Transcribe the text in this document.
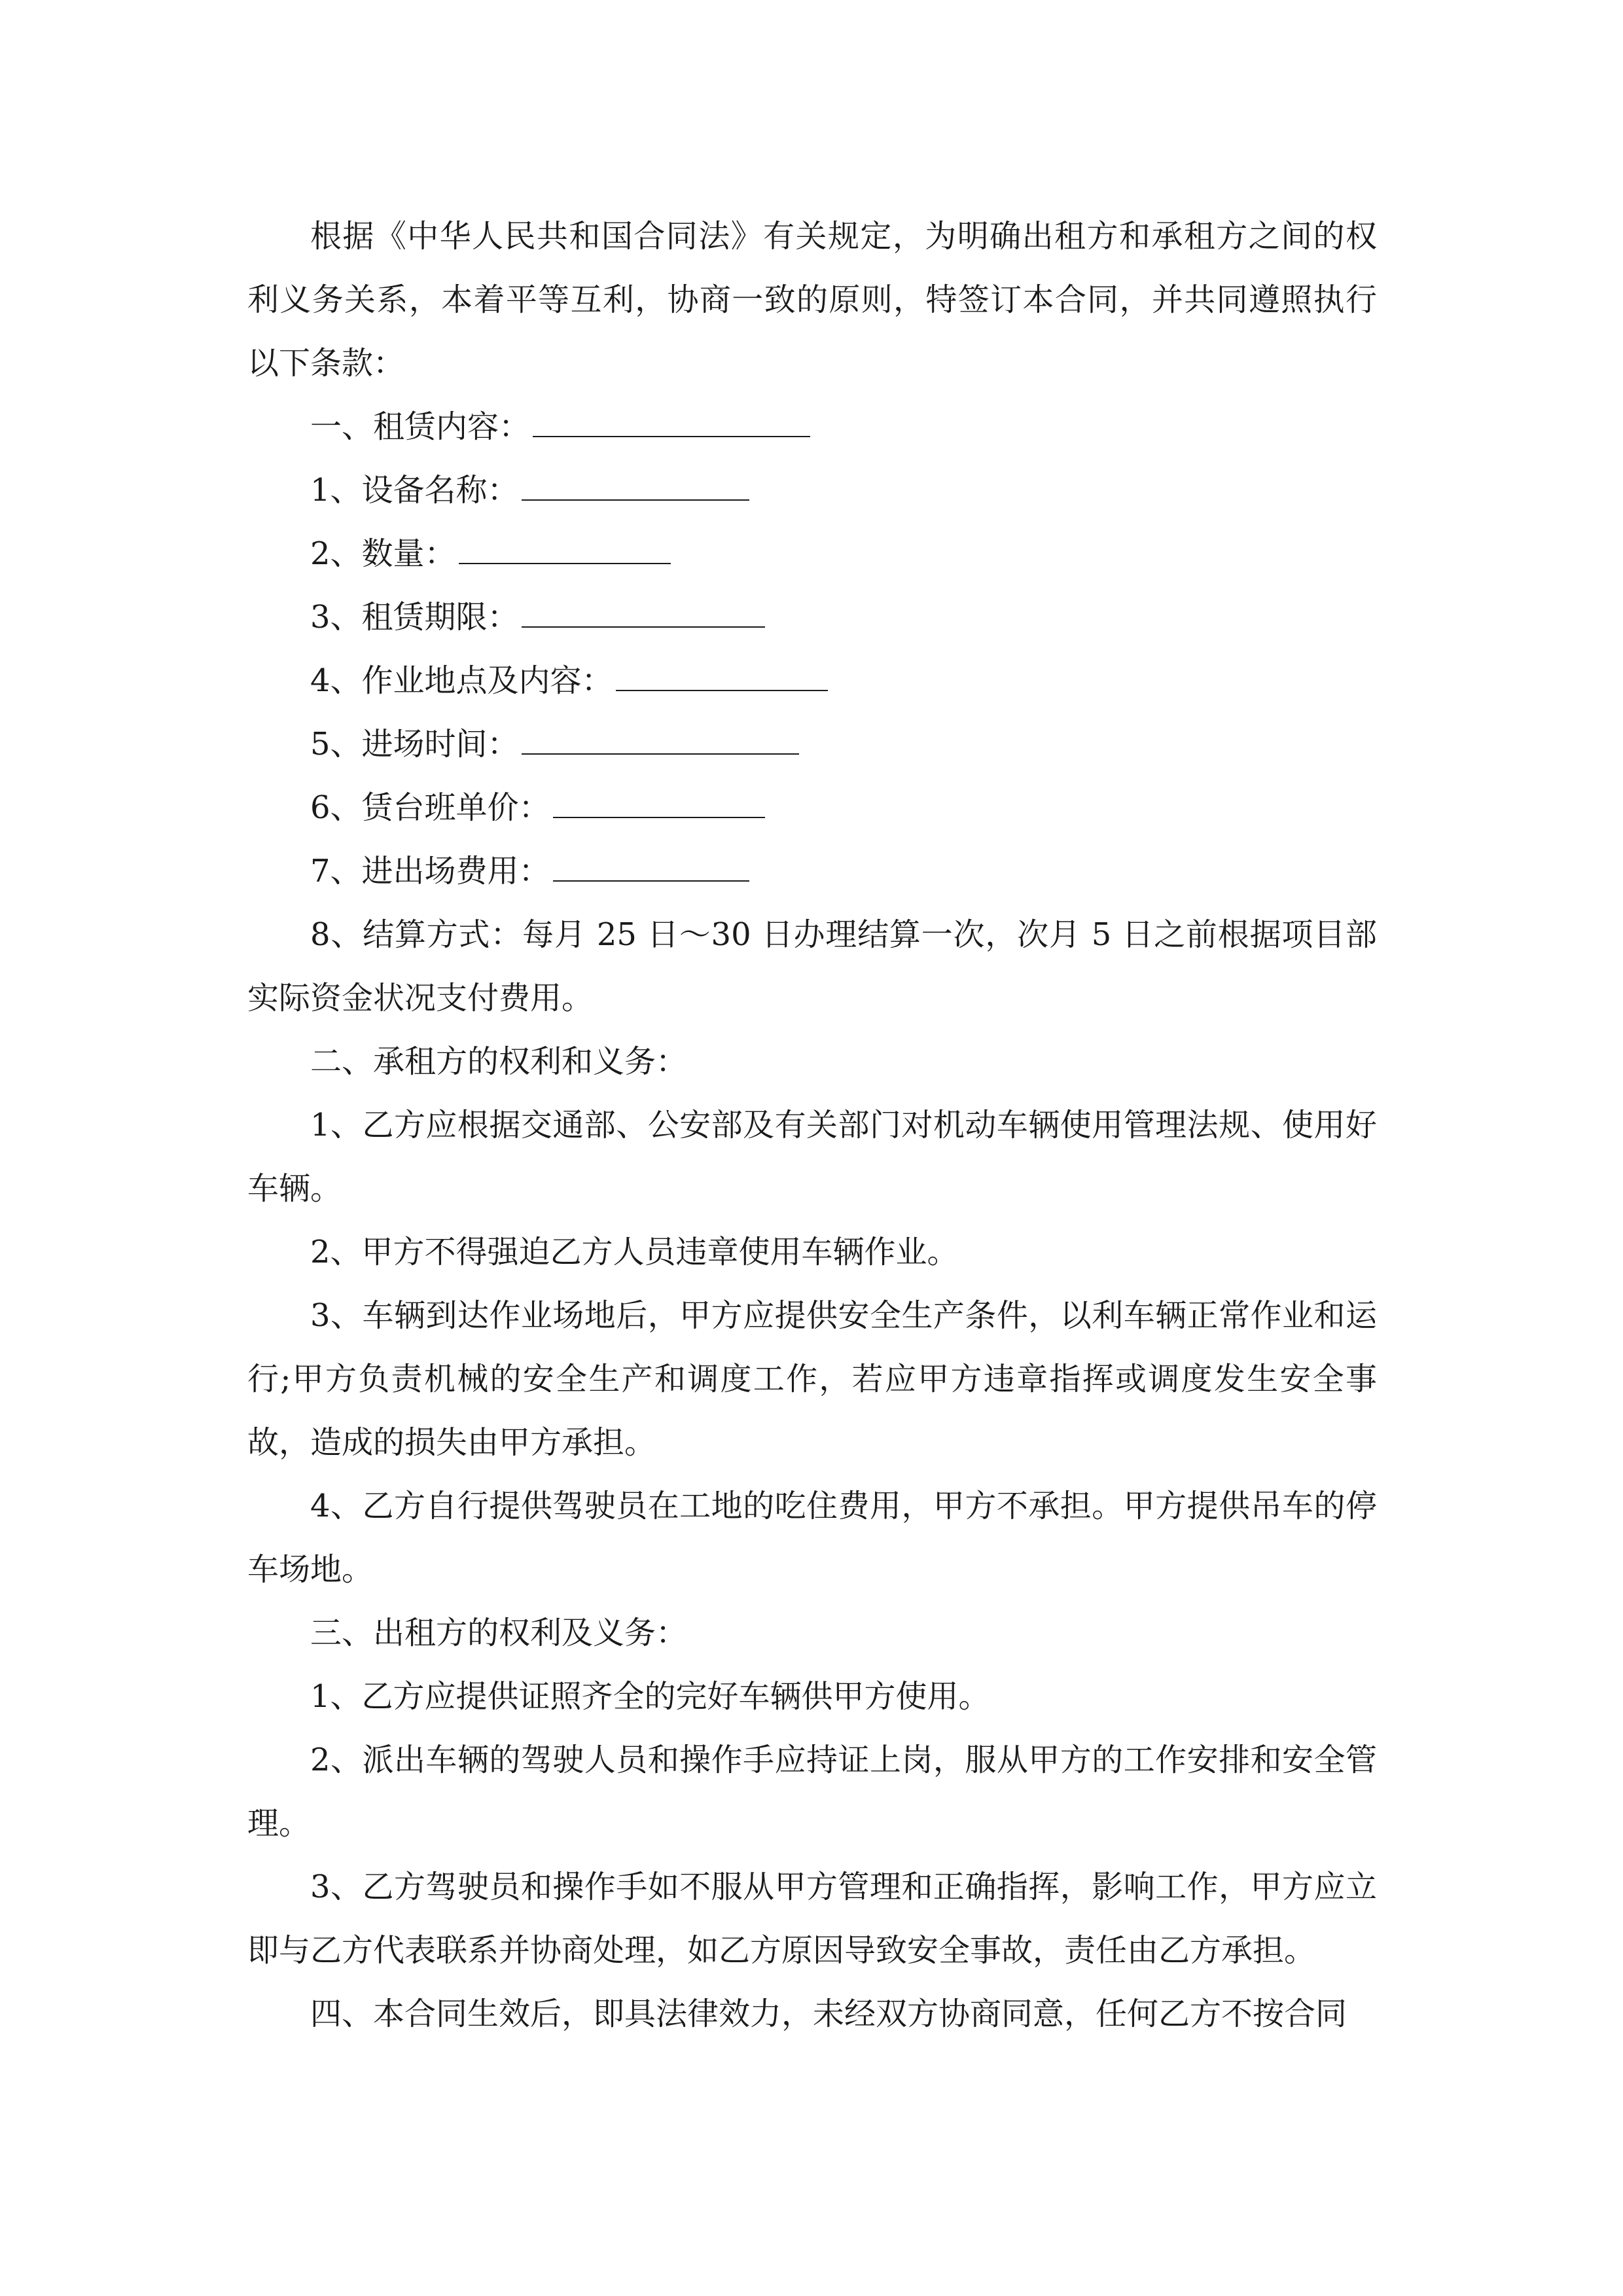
根据《中华人民共和国合同法》有关规定，为明确出租方和承租方之间的权利义务关系，本着平等互利，协商一致的原则，特签订本合同，并共同遵照执行以下条款：

一、租赁内容：

1、设备名称：

2、数量：

3、租赁期限：

4、作业地点及内容：

5、进场时间：

6、赁台班单价：

7、进出场费用：

8、结算方式：每月 25 日～30 日办理结算一次，次月 5 日之前根据项目部实际资金状况支付费用。

二、承租方的权利和义务：

1、乙方应根据交通部、公安部及有关部门对机动车辆使用管理法规、使用好车辆。

2、甲方不得强迫乙方人员违章使用车辆作业。

3、车辆到达作业场地后，甲方应提供安全生产条件，以利车辆正常作业和运行;甲方负责机械的安全生产和调度工作，若应甲方违章指挥或调度发生安全事故，造成的损失由甲方承担。

4、乙方自行提供驾驶员在工地的吃住费用，甲方不承担。甲方提供吊车的停车场地。

三、出租方的权利及义务：

1、乙方应提供证照齐全的完好车辆供甲方使用。

2、派出车辆的驾驶人员和操作手应持证上岗，服从甲方的工作安排和安全管理。

3、乙方驾驶员和操作手如不服从甲方管理和正确指挥，影响工作，甲方应立即与乙方代表联系并协商处理，如乙方原因导致安全事故，责任由乙方承担。

四、本合同生效后，即具法律效力，未经双方协商同意，任何乙方不按合同
